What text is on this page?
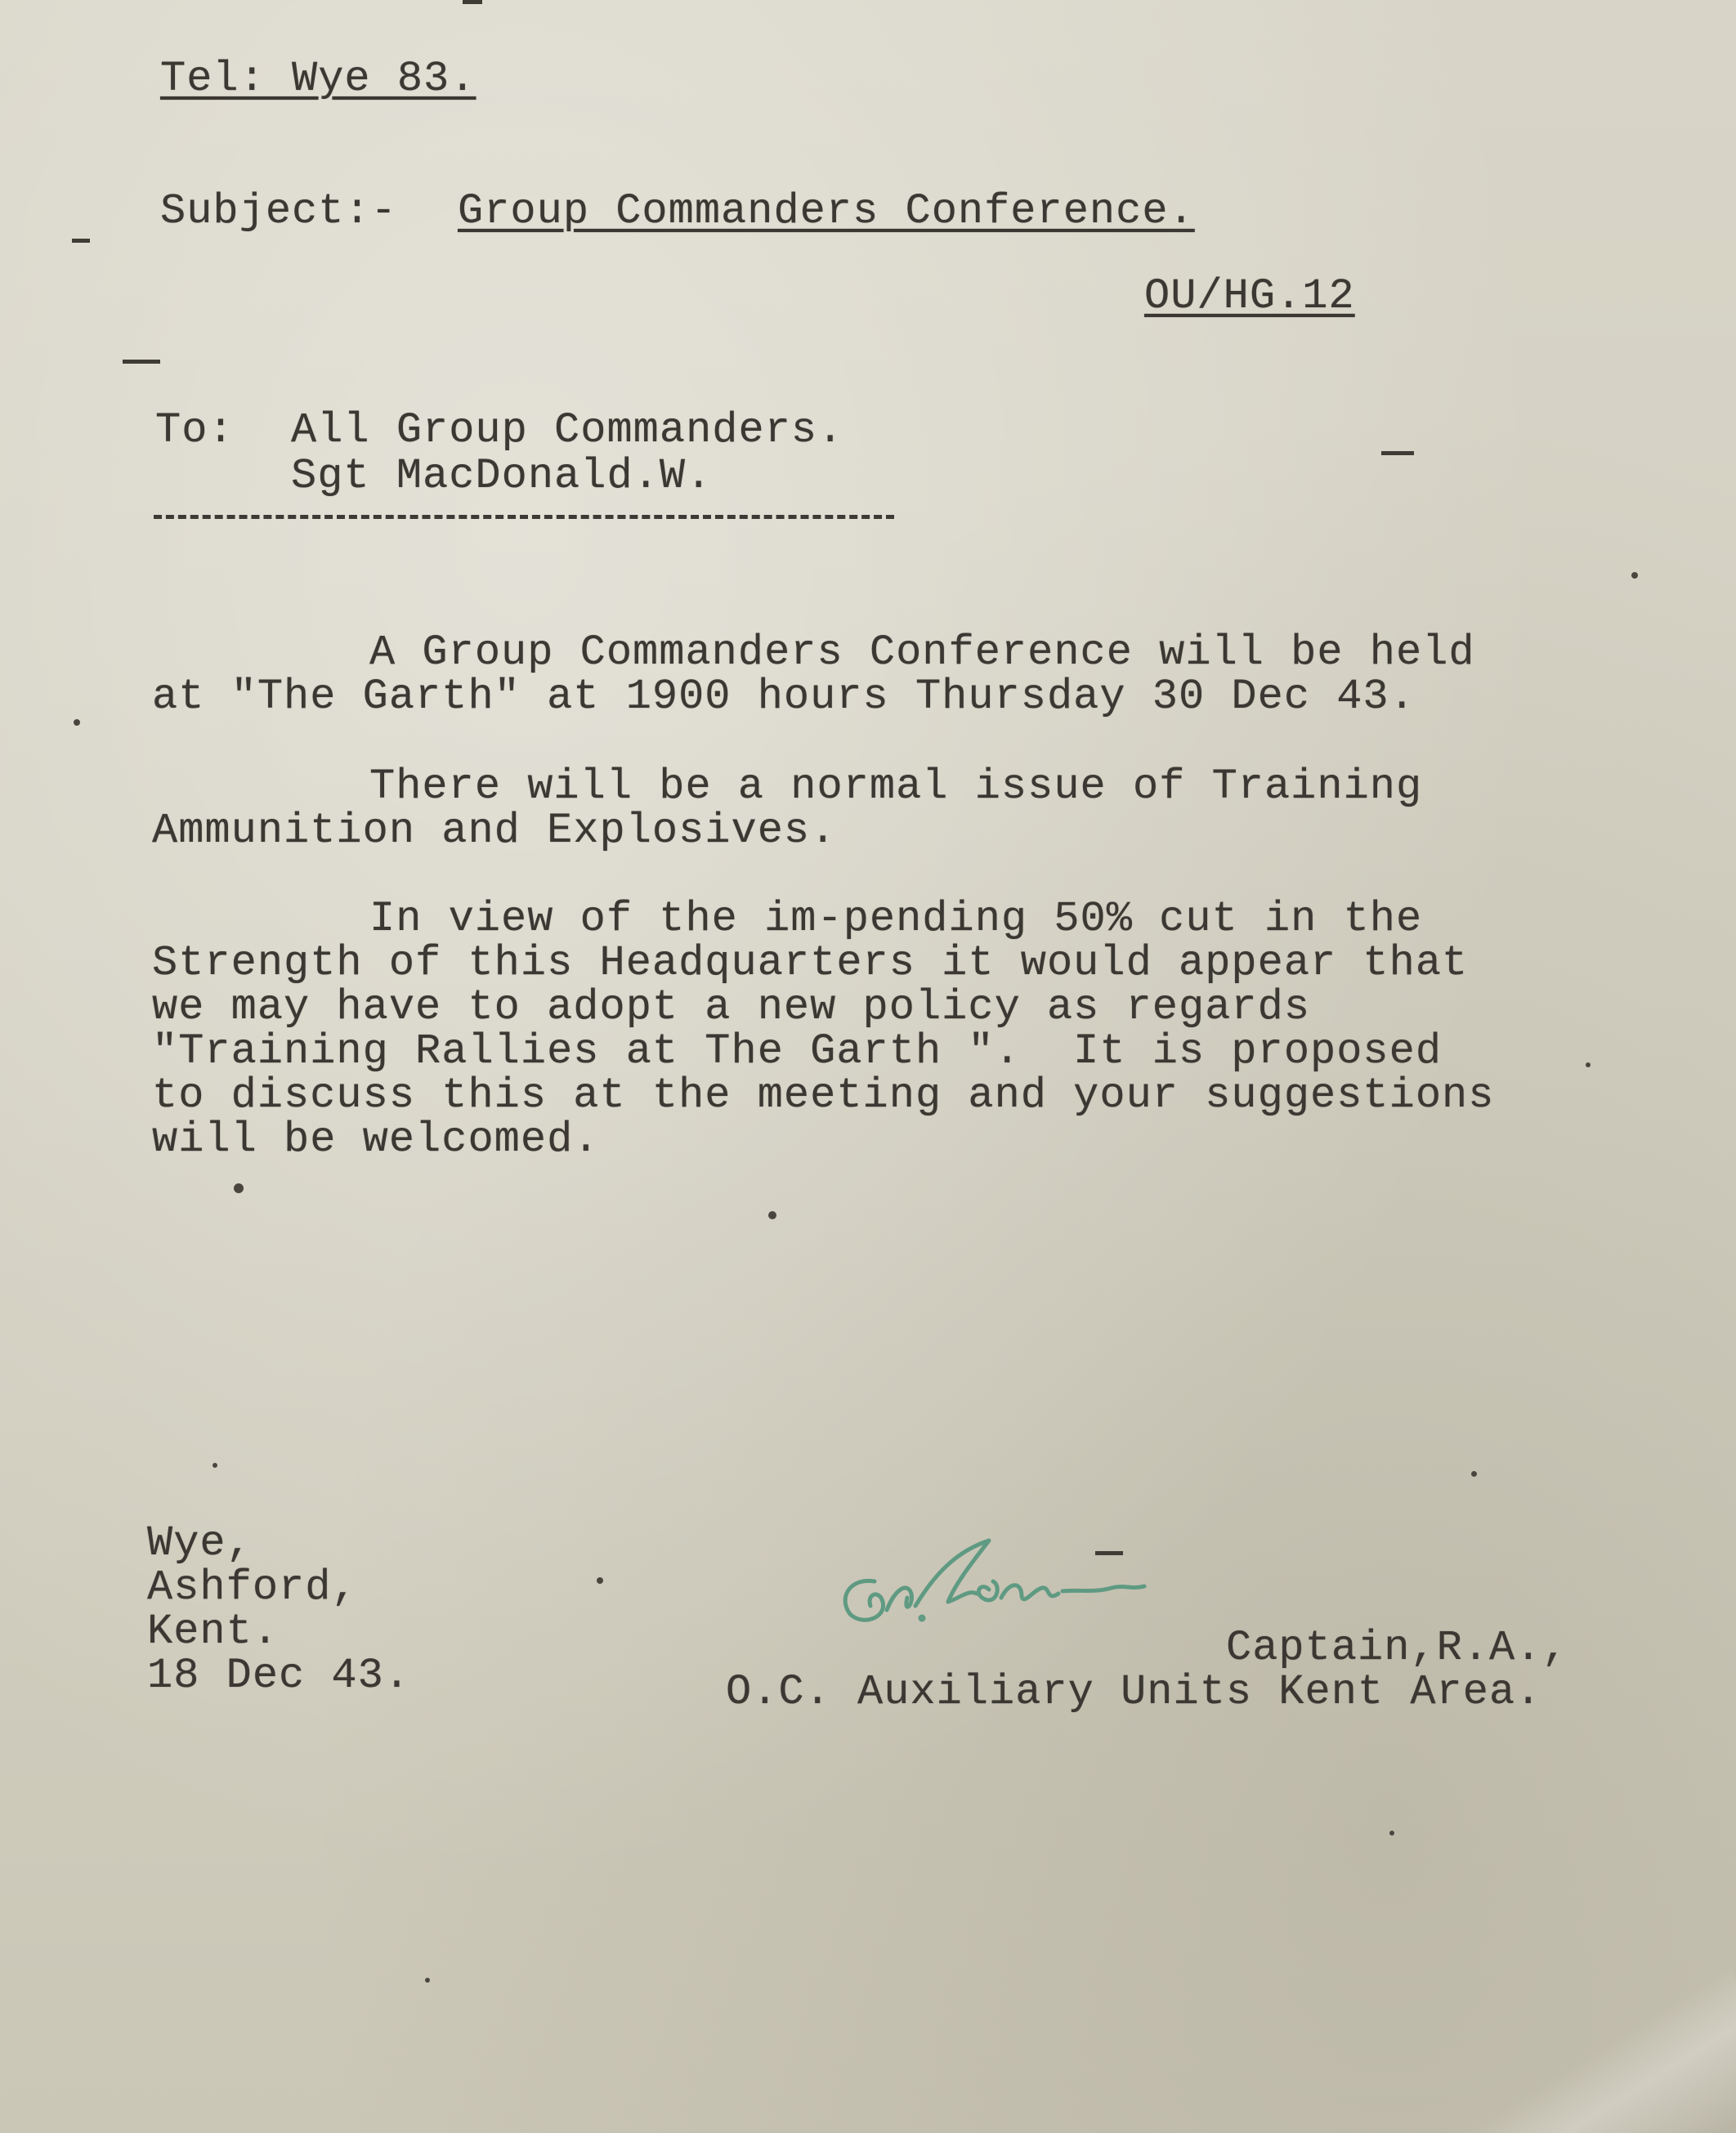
Tel: Wye 83.
Subject:- Group Commanders Conference.
OU/HG.12
To: All Group Commanders.
Sgt MacDonald.W.
A Group Commanders Conference will be held
at "The Garth" at 1900 hours Thursday 30 Dec 43.
There will be a normal issue of Training
Ammunition and Explosives.
In view of the im-pending 50% cut in the
Strength of this Headquarters it would appear that
we may have to adopt a new policy as regards
"Training Rallies at The Garth ".  It is proposed
to discuss this at the meeting and your suggestions
will be welcomed.
Wye,
Ashford,
Kent.
18 Dec 43.
Captain,R.A.,
O.C. Auxiliary Units Kent Area.
